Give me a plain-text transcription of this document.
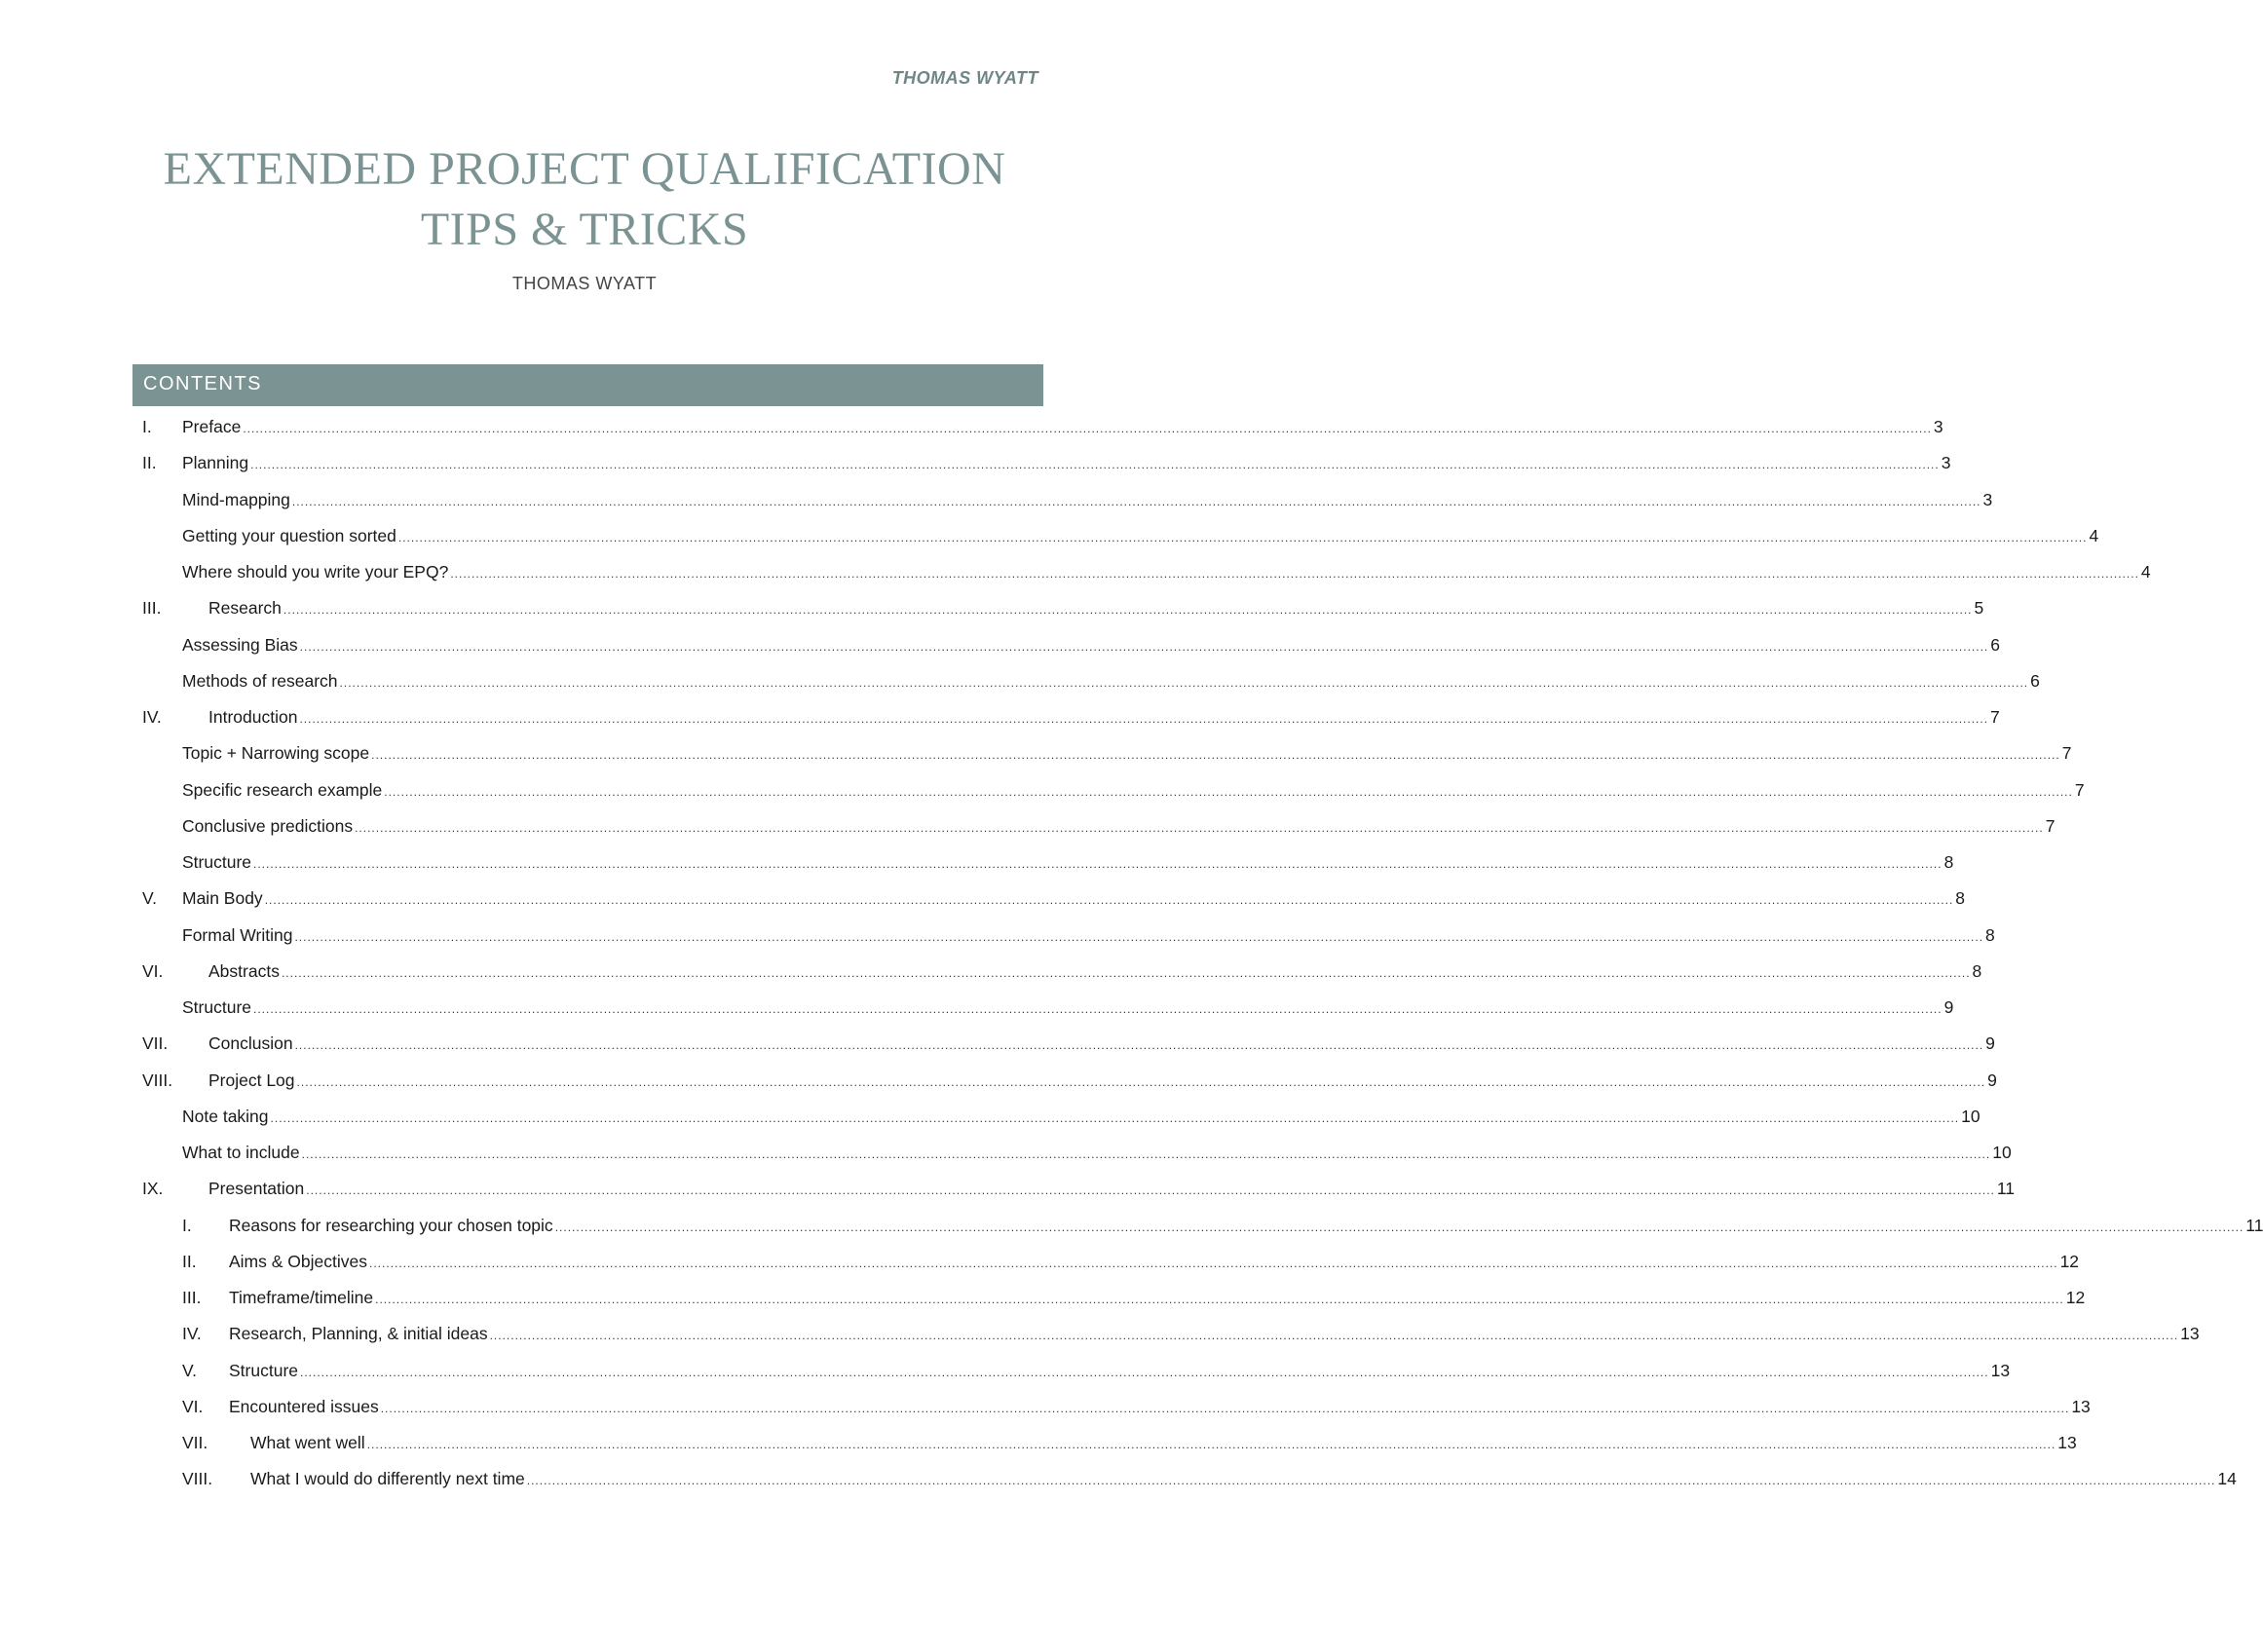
THOMAS WYATT
EXTENDED PROJECT QUALIFICATION
TIPS & TRICKS
THOMAS WYATT
CONTENTS
I. Preface ................................................................................................................................................................................................................................................................................................................................................................................................................ 3
II. Planning ................................................................................................................................................................................................................................................................................................................................................................................................................ 3
Mind-mapping ................................................................................................................................................................................................................................................................................................................................................................................................................ 3
Getting your question sorted ................................................................................................................................................................................................................................................................................................................................................................................................................ 4
Where should you write your EPQ? ................................................................................................................................................................................................................................................................................................................................................................................................................ 4
III.	Research ................................................................................................................................................................................................................................................................................................................................................................................................................ 5
Assessing Bias ................................................................................................................................................................................................................................................................................................................................................................................................................ 6
Methods of research ................................................................................................................................................................................................................................................................................................................................................................................................................ 6
IV.	Introduction ................................................................................................................................................................................................................................................................................................................................................................................................................ 7
Topic + Narrowing scope ................................................................................................................................................................................................................................................................................................................................................................................................................ 7
Specific research example ................................................................................................................................................................................................................................................................................................................................................................................................................ 7
Conclusive predictions ................................................................................................................................................................................................................................................................................................................................................................................................................ 7
Structure ................................................................................................................................................................................................................................................................................................................................................................................................................ 8
V. Main Body ................................................................................................................................................................................................................................................................................................................................................................................................................ 8
Formal Writing ................................................................................................................................................................................................................................................................................................................................................................................................................ 8
VI.	Abstracts ................................................................................................................................................................................................................................................................................................................................................................................................................ 8
Structure ................................................................................................................................................................................................................................................................................................................................................................................................................ 9
VII. Conclusion ................................................................................................................................................................................................................................................................................................................................................................................................................ 9
VIII. Project Log ................................................................................................................................................................................................................................................................................................................................................................................................................ 9
Note taking ................................................................................................................................................................................................................................................................................................................................................................................................................ 10
What to include ................................................................................................................................................................................................................................................................................................................................................................................................................ 10
IX.	Presentation ................................................................................................................................................................................................................................................................................................................................................................................................................ 11
I. Reasons for researching your chosen topic ................................................................................................................................................................................................................................................................................................................................................................................................................ 11
II. Aims & Objectives ................................................................................................................................................................................................................................................................................................................................................................................................................ 12
III. Timeframe/timeline ................................................................................................................................................................................................................................................................................................................................................................................................................ 12
IV. Research, Planning, & initial ideas ................................................................................................................................................................................................................................................................................................................................................................................................................ 13
V. Structure ................................................................................................................................................................................................................................................................................................................................................................................................................ 13
VI. Encountered issues ................................................................................................................................................................................................................................................................................................................................................................................................................ 13
VII. What went well ................................................................................................................................................................................................................................................................................................................................................................................................................ 13
VIII. What I would do differently next time ................................................................................................................................................................................................................................................................................................................................................................................................................ 14
